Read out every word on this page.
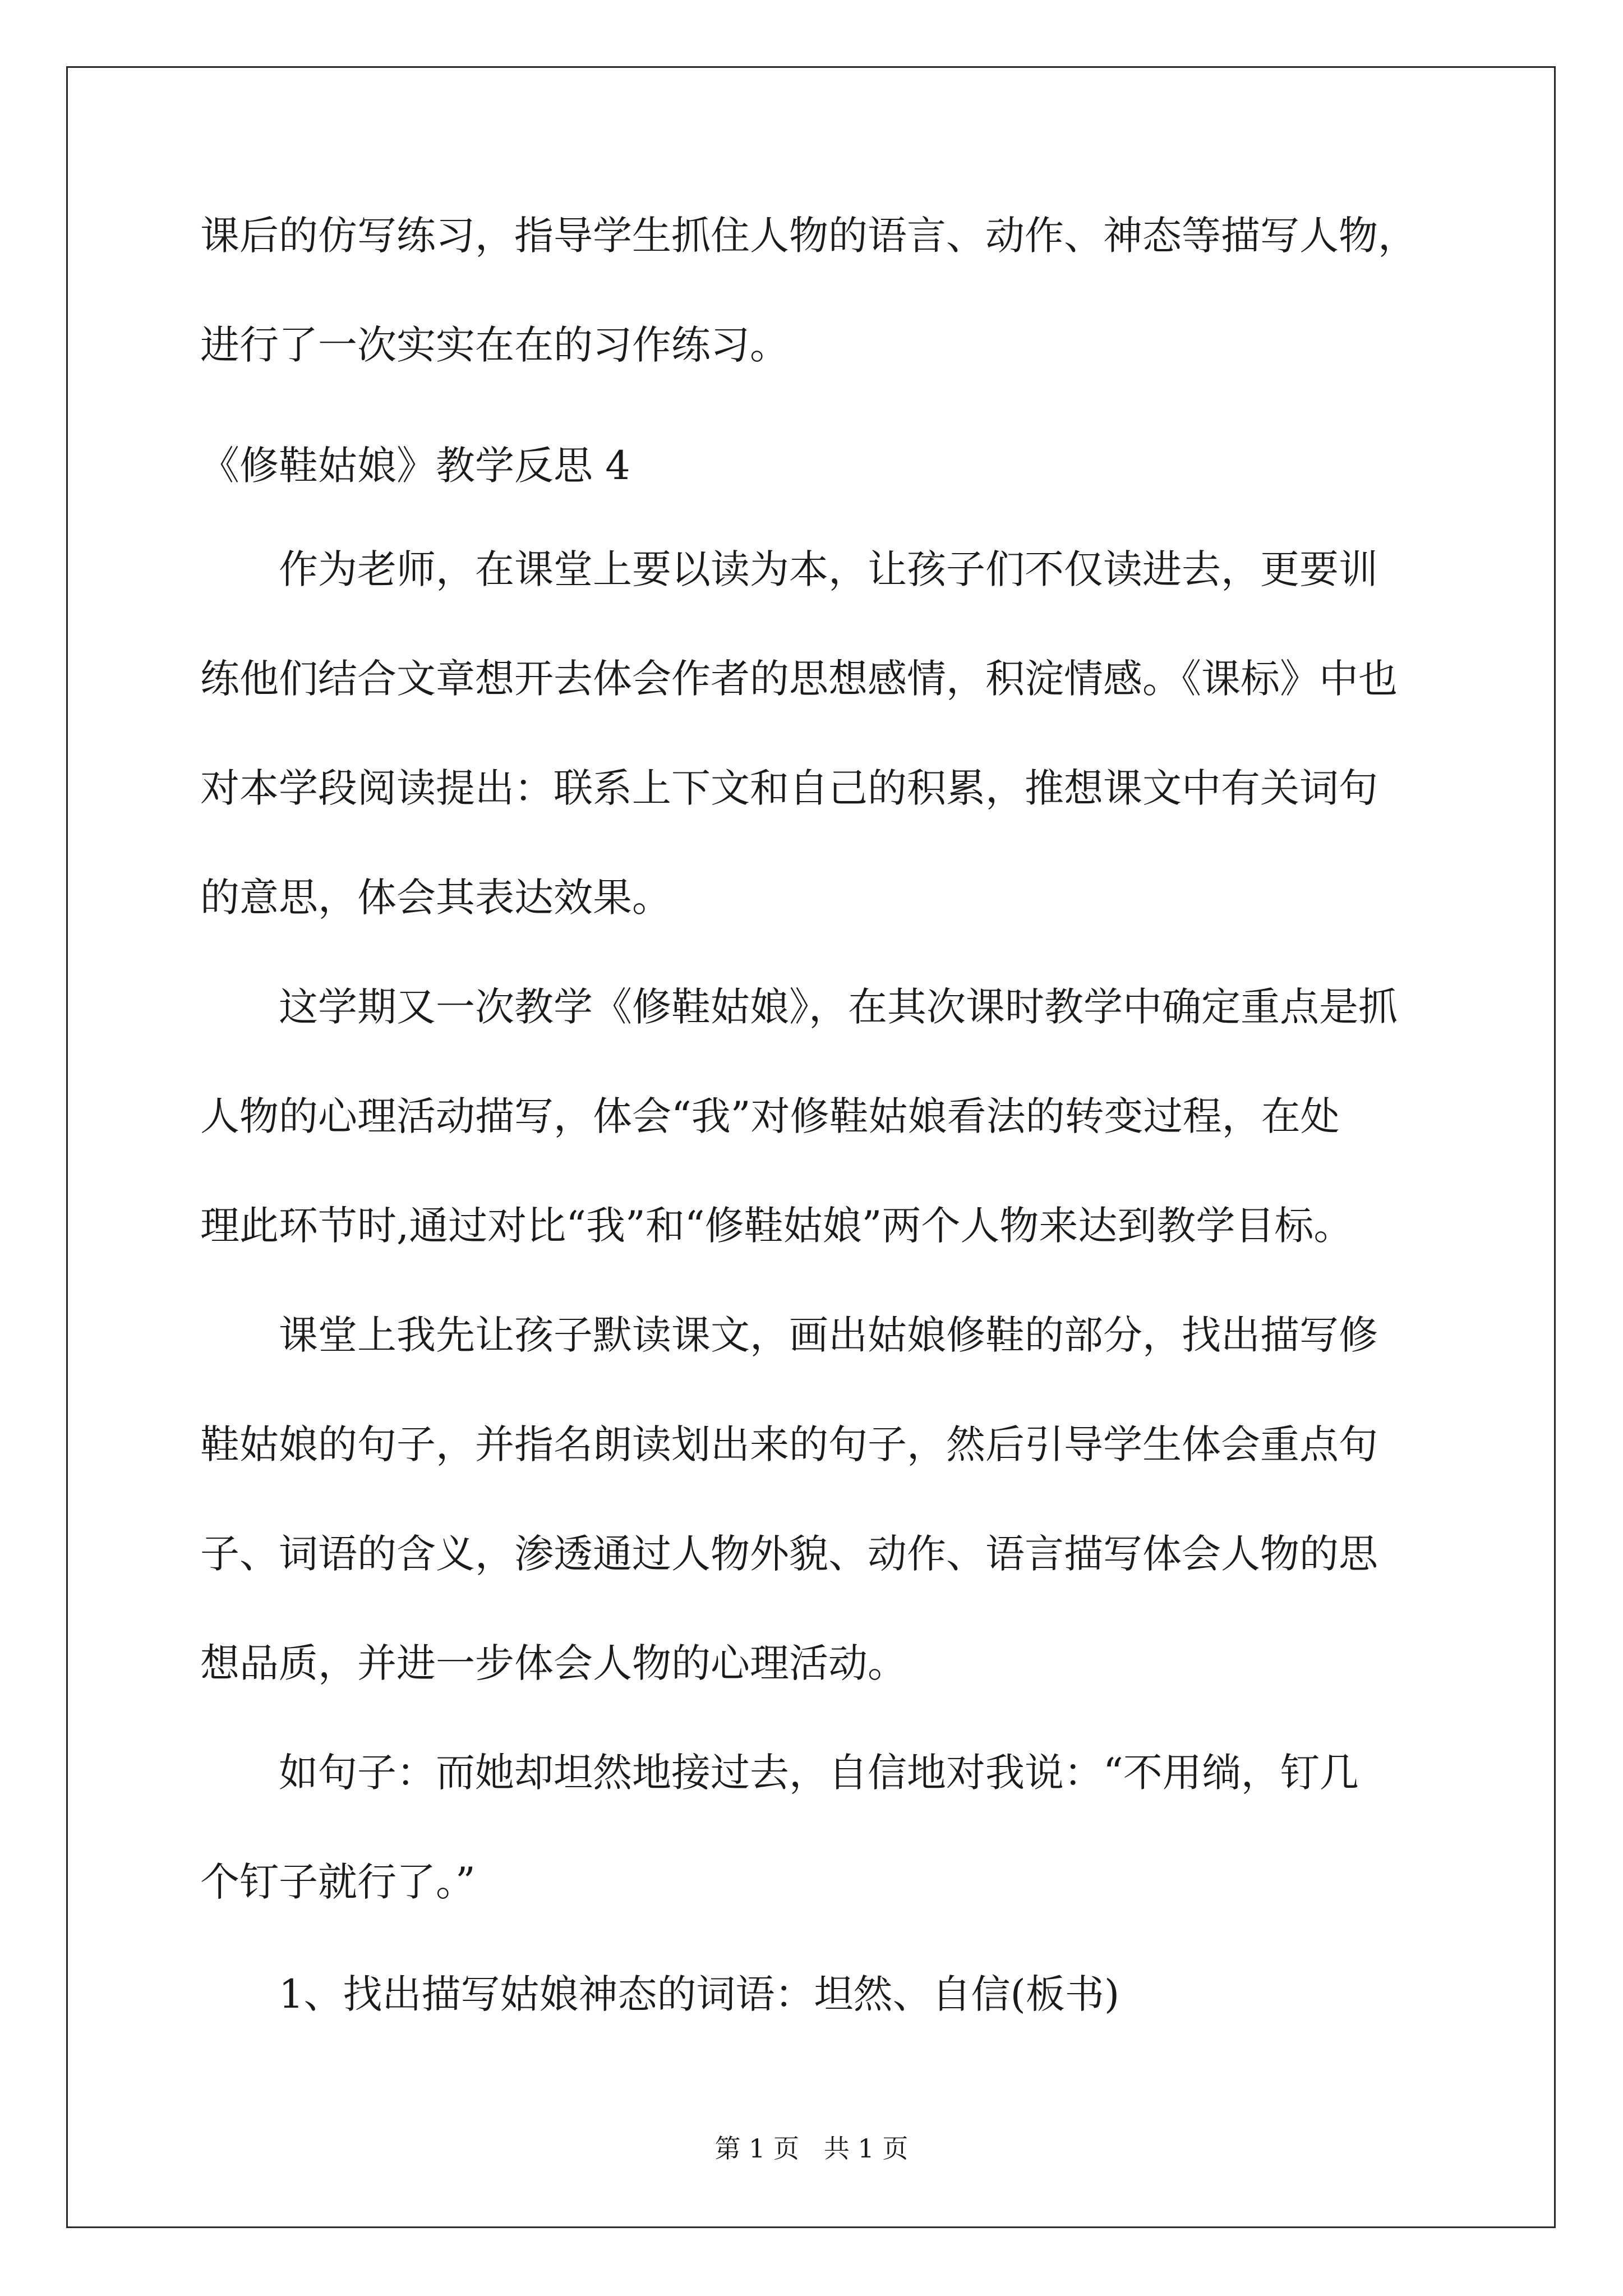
课后的仿写练习，指导学生抓住人物的语言、动作、神态等描写人物，
进行了一次实实在在的习作练习。
《修鞋姑娘》教学反思 4
作为老师，在课堂上要以读为本，让孩子们不仅读进去，更要训
练他们结合文章想开去体会作者的思想感情，积淀情感。《课标》中也
对本学段阅读提出：联系上下文和自己的积累，推想课文中有关词句
的意思，体会其表达效果。
这学期又一次教学《修鞋姑娘》，在其次课时教学中确定重点是抓
人物的心理活动描写，体会“我”对修鞋姑娘看法的转变过程，在处
理此环节时,通过对比“我”和“修鞋姑娘”两个人物来达到教学目标。
课堂上我先让孩子默读课文，画出姑娘修鞋的部分，找出描写修
鞋姑娘的句子，并指名朗读划出来的句子，然后引导学生体会重点句
子、词语的含义，渗透通过人物外貌、动作、语言描写体会人物的思
想品质，并进一步体会人物的心理活动。
如句子：而她却坦然地接过去，自信地对我说：“不用绱，钉几
个钉子就行了。”
1、找出描写姑娘神态的词语：坦然、自信(板书)
第 1 页   共 1 页
